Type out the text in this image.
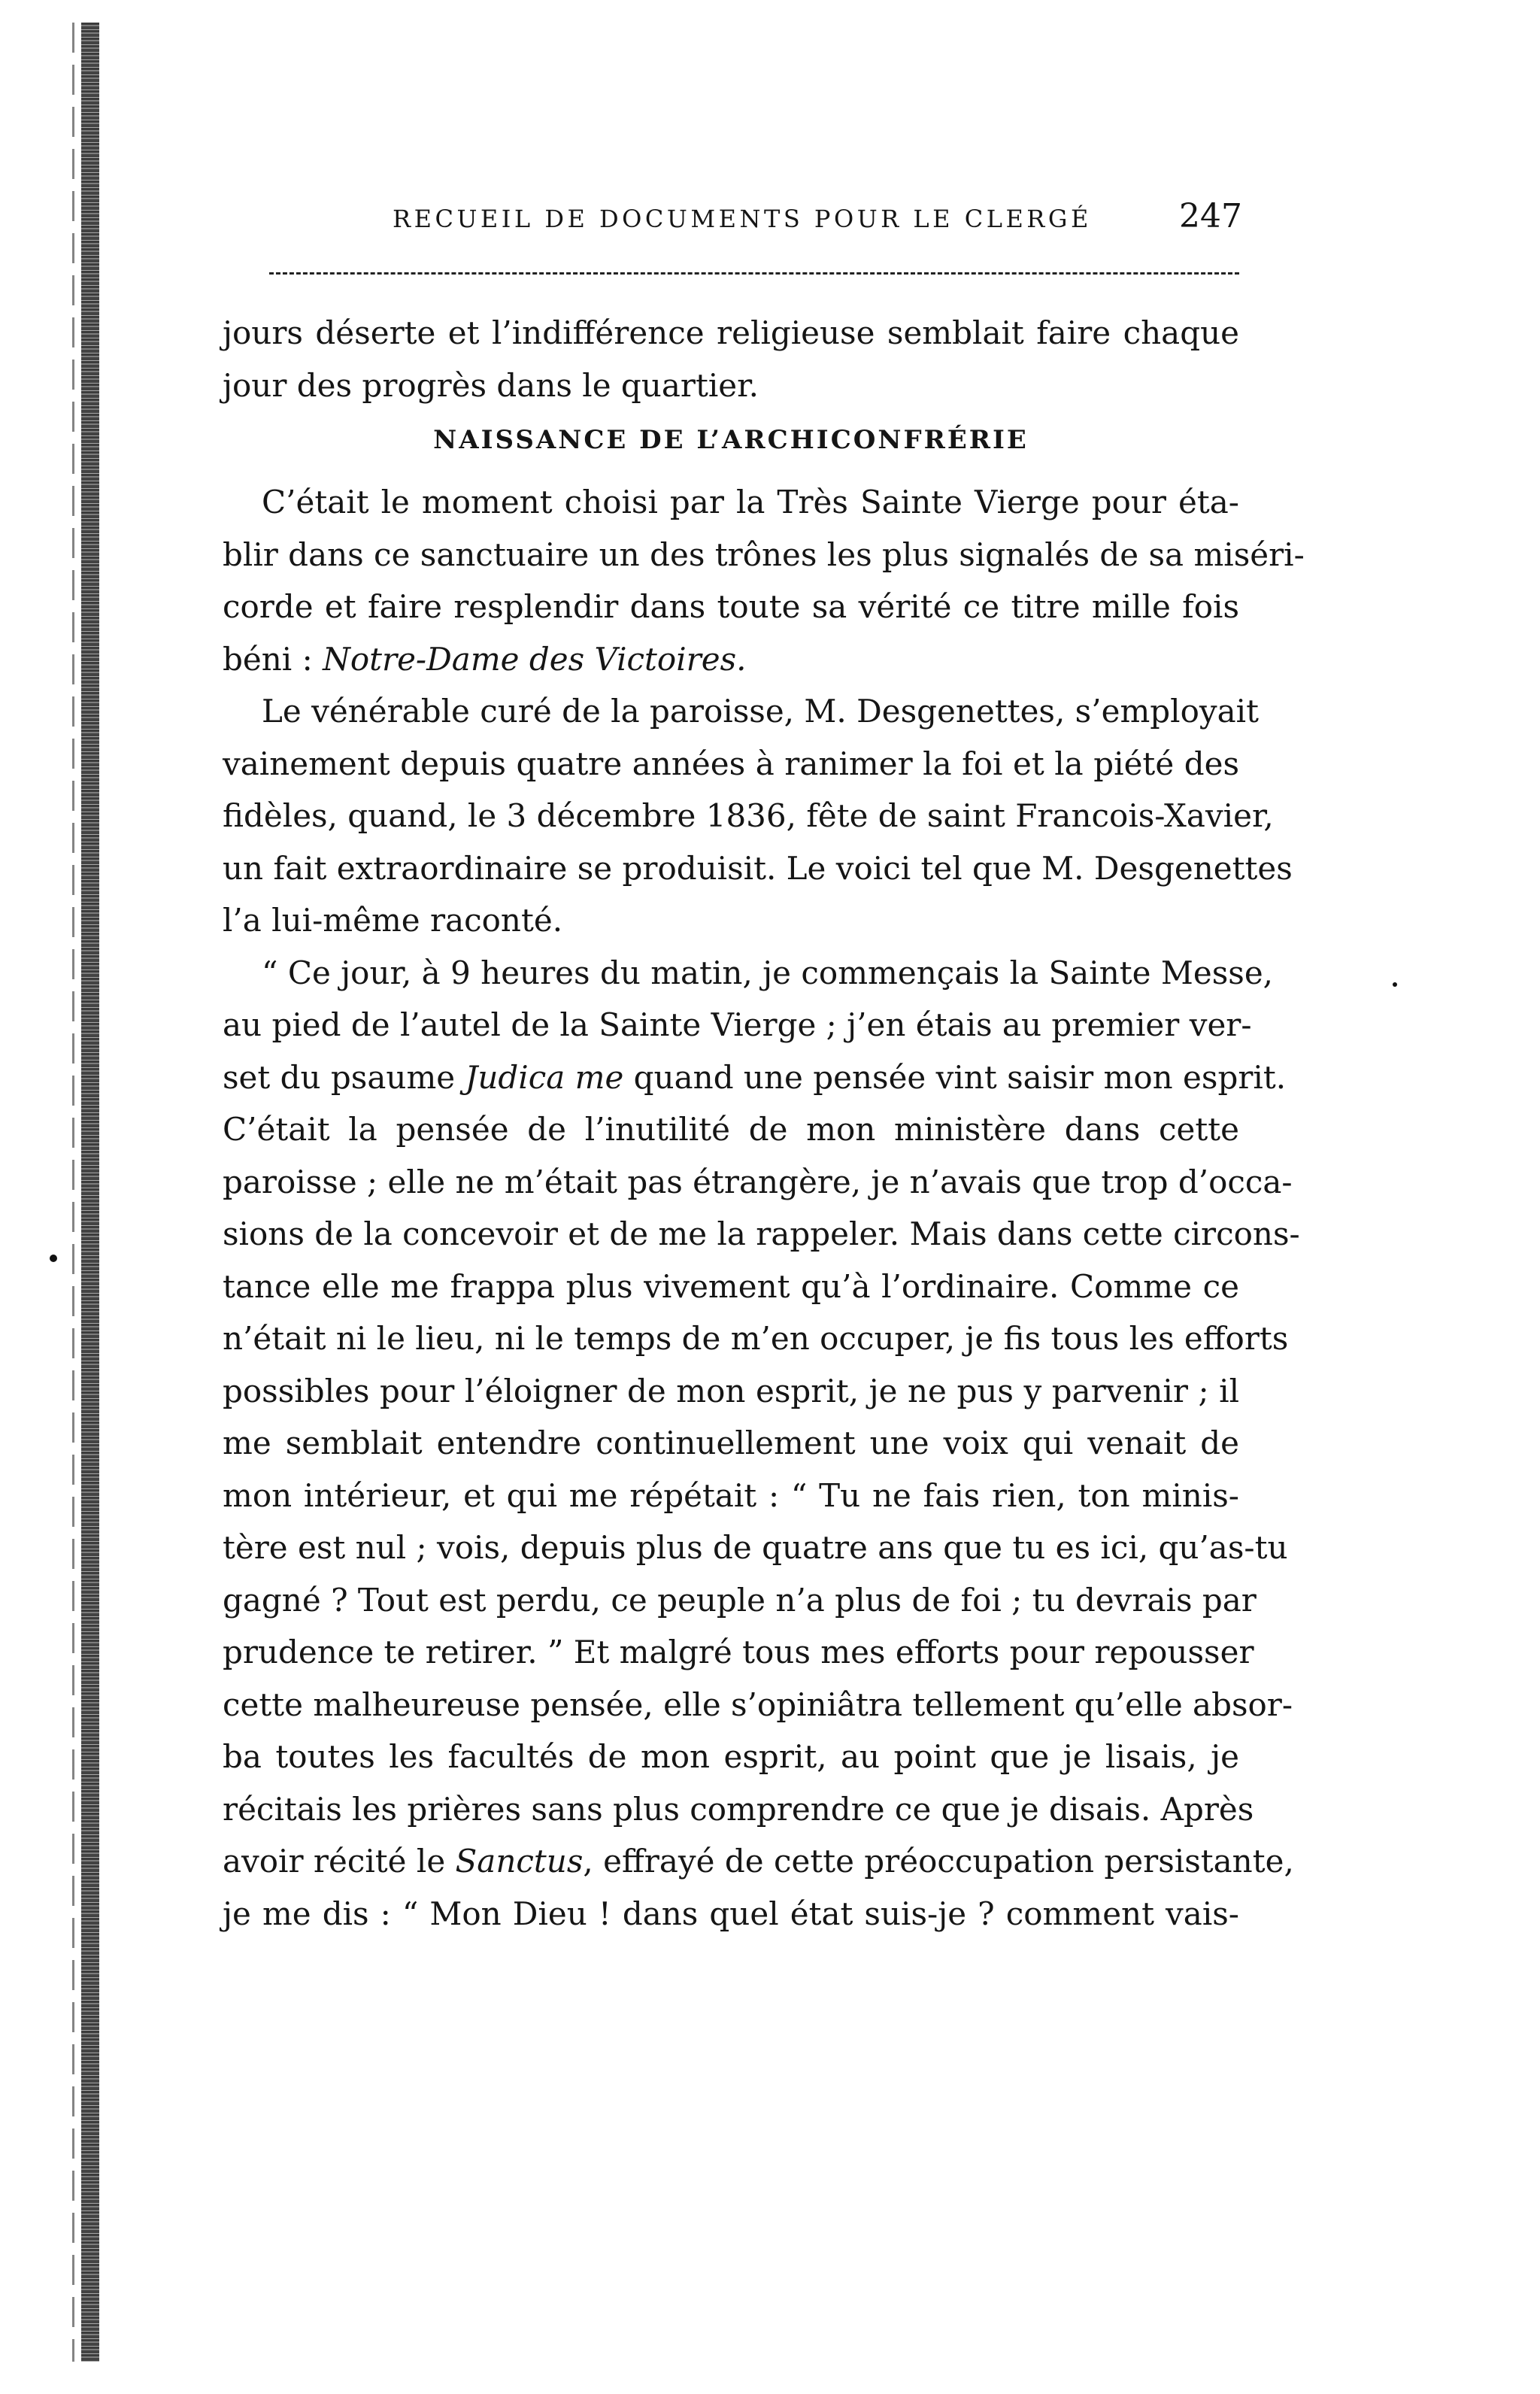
RECUEIL DE DOCUMENTS POUR LE CLERGÉ	247
jours déserte et l’indifférence religieuse semblait faire chaque
jour des progrès dans le quartier.
NAISSANCE DE L’ARCHICONFRÉRIE
C’était le moment choisi par la Très Sainte Vierge pour éta-
blir dans ce sanctuaire un des trônes les plus signalés de sa miséri-
corde et faire resplendir dans toute sa vérité ce titre mille fois
béni : Notre-Dame des Victoires.
Le vénérable curé de la paroisse, M. Desgenettes, s’employait
vainement depuis quatre années à ranimer la foi et la piété des
fidèles, quand, le 3 décembre 1836, fête de saint Francois-Xavier,
un fait extraordinaire se produisit. Le voici tel que M. Desgenettes
l’a lui-même raconté.
“ Ce jour, à 9 heures du matin, je commençais la Sainte Messe,
au pied de l’autel de la Sainte Vierge ; j’en étais au premier ver-
set du psaume Judica me quand une pensée vint saisir mon esprit.
C’était la pensée de l’inutilité de mon ministère dans cette
paroisse ; elle ne m’était pas étrangère, je n’avais que trop d’occa-
sions de la concevoir et de me la rappeler. Mais dans cette circons-
tance elle me frappa plus vivement qu’à l’ordinaire. Comme ce
n’était ni le lieu, ni le temps de m’en occuper, je fis tous les efforts
possibles pour l’éloigner de mon esprit, je ne pus y parvenir ; il
me semblait entendre continuellement une voix qui venait de
mon intérieur, et qui me répétait : “ Tu ne fais rien, ton minis-
tère est nul ; vois, depuis plus de quatre ans que tu es ici, qu’as-tu
gagné ? Tout est perdu, ce peuple n’a plus de foi ; tu devrais par
prudence te retirer. ” Et malgré tous mes efforts pour repousser
cette malheureuse pensée, elle s’opiniâtra tellement qu’elle absor-
ba toutes les facultés de mon esprit, au point que je lisais, je
récitais les prières sans plus comprendre ce que je disais. Après
avoir récité le Sanctus, effrayé de cette préoccupation persistante,
je me dis : “ Mon Dieu ! dans quel état suis-je ? comment vais-
